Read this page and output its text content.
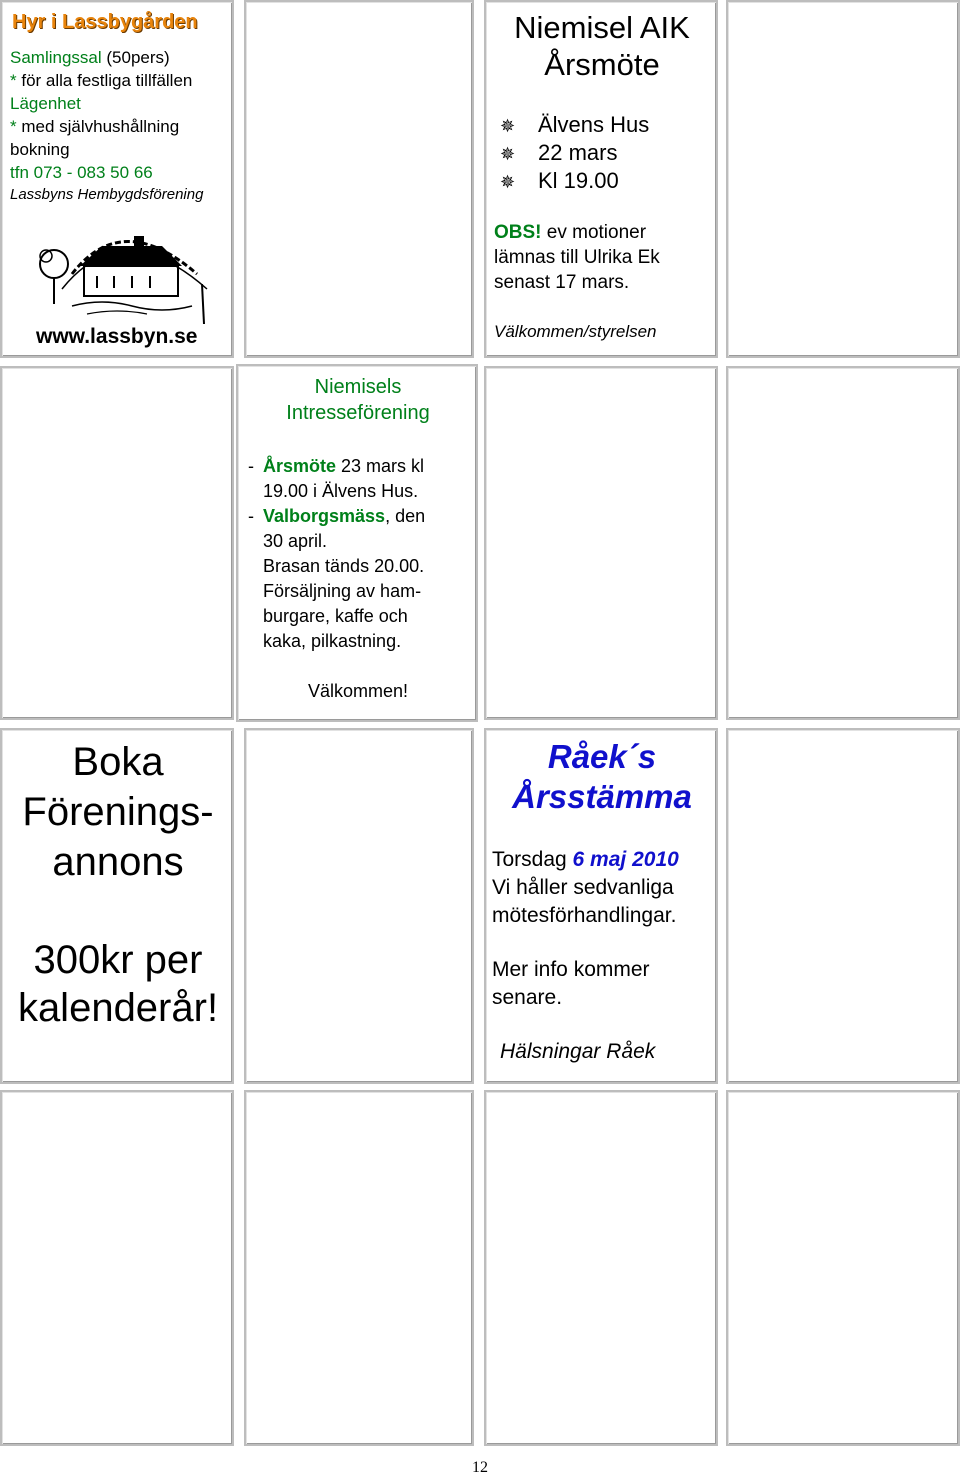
Hyr i Lassbygården
Samlingssal (50pers)
* för alla festliga tillfällen
Lägenhet
* med självhushållning
bokning
tfn 073 - 083 50 66
Lassbyns Hembygdsförening
www.lassbyn.se
Niemisel AIK
Årsmöte
✵ Älvens Hus
✵ 22 mars
✵ Kl 19.00
OBS! ev motioner
lämnas till Ulrika Ek
senast 17 mars.
Välkommen/styrelsen
Niemisels
Intresseförening
- Årsmöte 23 mars kl
19.00 i Älvens Hus.
- Valborgsmäss, den
30 april.
Brasan tänds 20.00.
Försäljning av ham-
burgare, kaffe och
kaka, pilkastning.
Välkommen!
Boka
Förenings-
annons
300kr per
kalenderår!
Råek´s
Årsstämma
Torsdag 6 maj 2010
Vi håller sedvanliga
mötesförhandlingar.
Mer info kommer
senare.
Hälsningar Råek
12
